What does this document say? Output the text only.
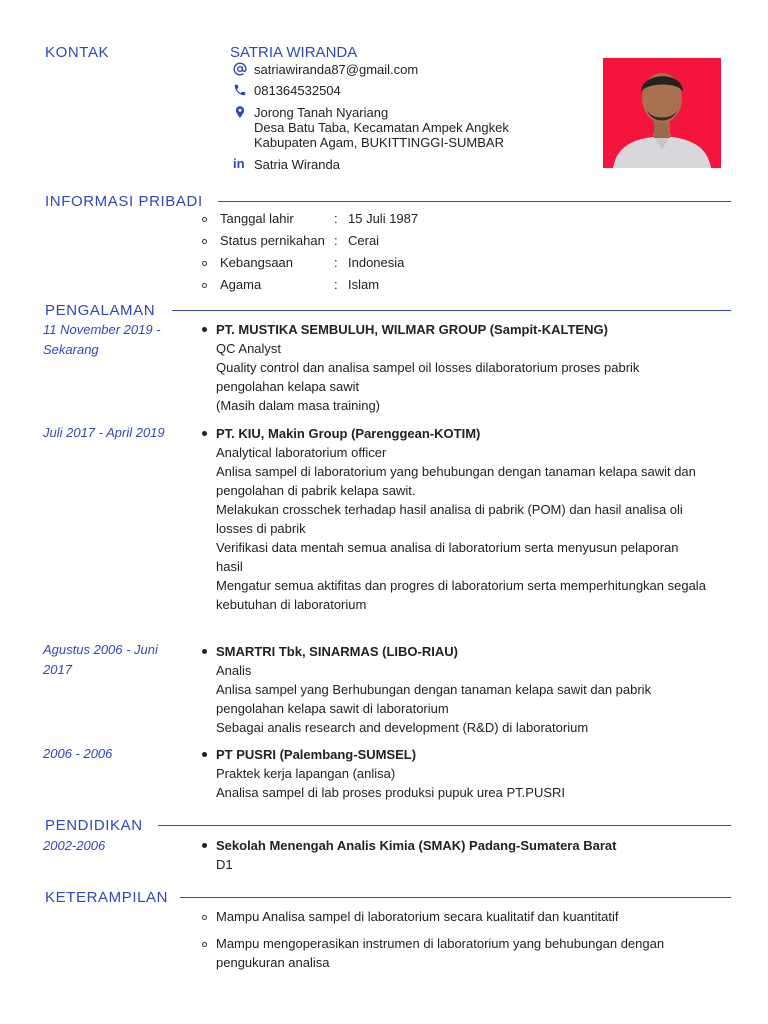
KONTAK	SATRIA WIRANDA
satriawiranda87@gmail.com
081364532504
Jorong Tanah Nyariang
Desa Batu Taba, Kecamatan Ampek Angkek
Kabupaten Agam, BUKITTINGGI-SUMBAR
in Satria Wiranda
INFORMASI PRIBADI
Tanggal lahir	: 15 Juli 1987
Status pernikahan : Cerai
Kebangsaan	: Indonesia
Agama	: Islam
PENGALAMAN
11 November 2019 -
Sekarang
PT. MUSTIKA SEMBULUH, WILMAR GROUP (Sampit-KALTENG)
QC Analyst
Quality control dan analisa sampel oil losses dilaboratorium proses pabrik
pengolahan kelapa sawit
(Masih dalam masa training)
Juli 2017 - April 2019	PT. KIU, Makin Group (Parenggean-KOTIM)
Analytical laboratorium officer
Anlisa sampel di laboratorium yang behubungan dengan tanaman kelapa sawit dan
pengolahan di pabrik kelapa sawit.
Melakukan crosschek terhadap hasil analisa di pabrik (POM) dan hasil analisa oli
losses di pabrik
Verifikasi data mentah semua analisa di laboratorium serta menyusun pelaporan
hasil
Mengatur semua aktifitas dan progres di laboratorium serta memperhitungkan segala
kebutuhan di laboratorium
Agustus 2006 - Juni
2017
SMARTRI Tbk, SINARMAS (LIBO-RIAU)
Analis
Anlisa sampel yang Berhubungan dengan tanaman kelapa sawit dan pabrik
pengolahan kelapa sawit di laboratorium
Sebagai analis research and development (R&D) di laboratorium
2006 - 2006	PT PUSRI (Palembang-SUMSEL)
Praktek kerja lapangan (anlisa)
Analisa sampel di lab proses produksi pupuk urea PT.PUSRI
PENDIDIKAN
2002-2006	Sekolah Menengah Analis Kimia (SMAK) Padang-Sumatera Barat
D1
KETERAMPILAN
Mampu Analisa sampel di laboratorium secara kualitatif dan kuantitatif
Mampu mengoperasikan instrumen di laboratorium yang behubungan dengan
pengukuran analisa
